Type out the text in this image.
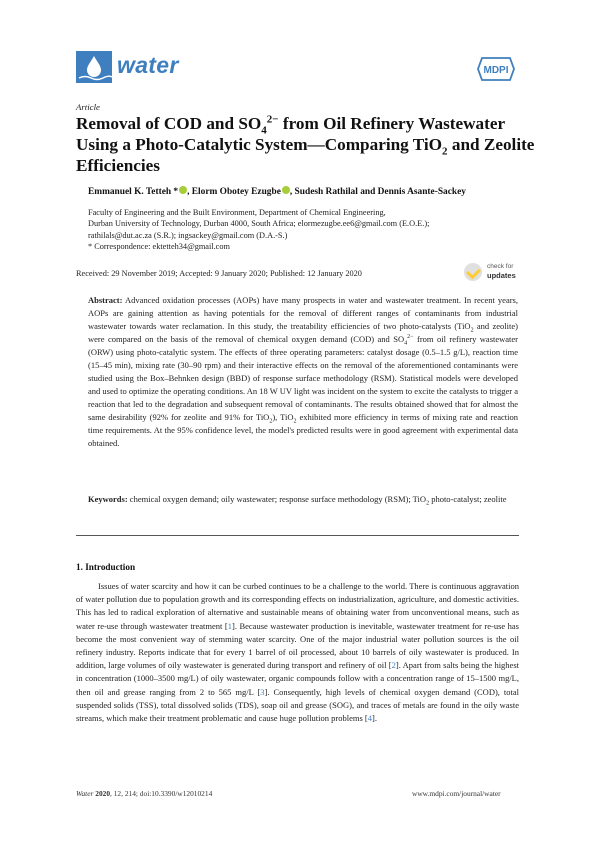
water	MDPI
Article
Removal of COD and $SO_4^{2-}$ from Oil Refinery Wastewater Using a Photo-Catalytic System—Comparing TiO$_2$ and Zeolite Efficiencies
Emmanuel K. Tetteh * , Elorm Obotey Ezugbe , Sudesh Rathilal and Dennis Asante-Sackey
Faculty of Engineering and the Built Environment, Department of Chemical Engineering,
Durban University of Technology, Durban 4000, South Africa; elormezugbe.ee6@gmail.com (E.O.E.);
rathilals@dut.ac.za (S.R.); ingsackey@gmail.com (D.A.-S.)
* Correspondence: ektetteh34@gmail.com
Received: 29 November 2019; Accepted: 9 January 2020; Published: 12 January 2020
check for
updates
Abstract: Advanced oxidation processes (AOPs) have many prospects in water and wastewater treatment. In recent years, AOPs are gaining attention as having potentials for the removal of different ranges of contaminants from industrial wastewater towards water reclamation. In this study, the treatability efficiencies of two photo-catalysts (TiO$_2$ and zeolite) were compared on the basis of the removal of chemical oxygen demand (COD) and $SO_4^{2-}$ from oil refinery wastewater (ORW) using photo-catalytic system. The effects of three operating parameters: catalyst dosage (0.5–1.5 g/L), reaction time (15–45 min), mixing rate (30–90 rpm) and their interactive effects on the removal of the aforementioned contaminants were studied using the Box–Behnken design (BBD) of response surface methodology (RSM). Statistical models were developed and used to optimize the operating conditions. An 18 W UV light was incident on the system to excite the catalysts to trigger a reaction that led to the degradation and subsequent removal of contaminants. The results obtained showed that for almost the same desirability (92% for zeolite and 91% for TiO$_2$), TiO$_2$ exhibited more efficiency in terms of mixing rate and reaction time requirements. At the 95% confidence level, the model's predicted results were in good agreement with experimental data obtained.
Keywords: chemical oxygen demand; oily wastewater; response surface methodology (RSM); TiO$_2$ photo-catalyst; zeolite
1. Introduction
Issues of water scarcity and how it can be curbed continues to be a challenge to the world. There is continuous aggravation of water pollution due to population growth and its corresponding effects on industrialization, agriculture, and domestic activities. This has led to radical exploration of alternative and sustainable means of obtaining water from unconventional means, such as water re-use through wastewater treatment [1]. Because wastewater production is inevitable, wastewater treatment for re-use has become the most convenient way of stemming water scarcity. One of the major industrial water pollution sources is the oil refinery industry. Reports indicate that for every 1 barrel of oil processed, about 10 barrels of oily wastewater is produced. In addition, large volumes of oily wastewater is generated during transport and refinery of oil [2]. Apart from salts being the highest in concentration (1000–3500 mg/L) of oily wastewater, organic compounds follow with a concentration range of 15–1500 mg/L, then oil and grease ranging from 2 to 565 mg/L [3]. Consequently, high levels of chemical oxygen demand (COD), total suspended solids (TSS), total dissolved solids (TDS), soap oil and grease (SOG), and traces of metals are found in the oily waste streams, which make their treatment problematic and cause huge pollution problems [4].
Water 2020, 12, 214; doi:10.3390/w12010214	www.mdpi.com/journal/water
